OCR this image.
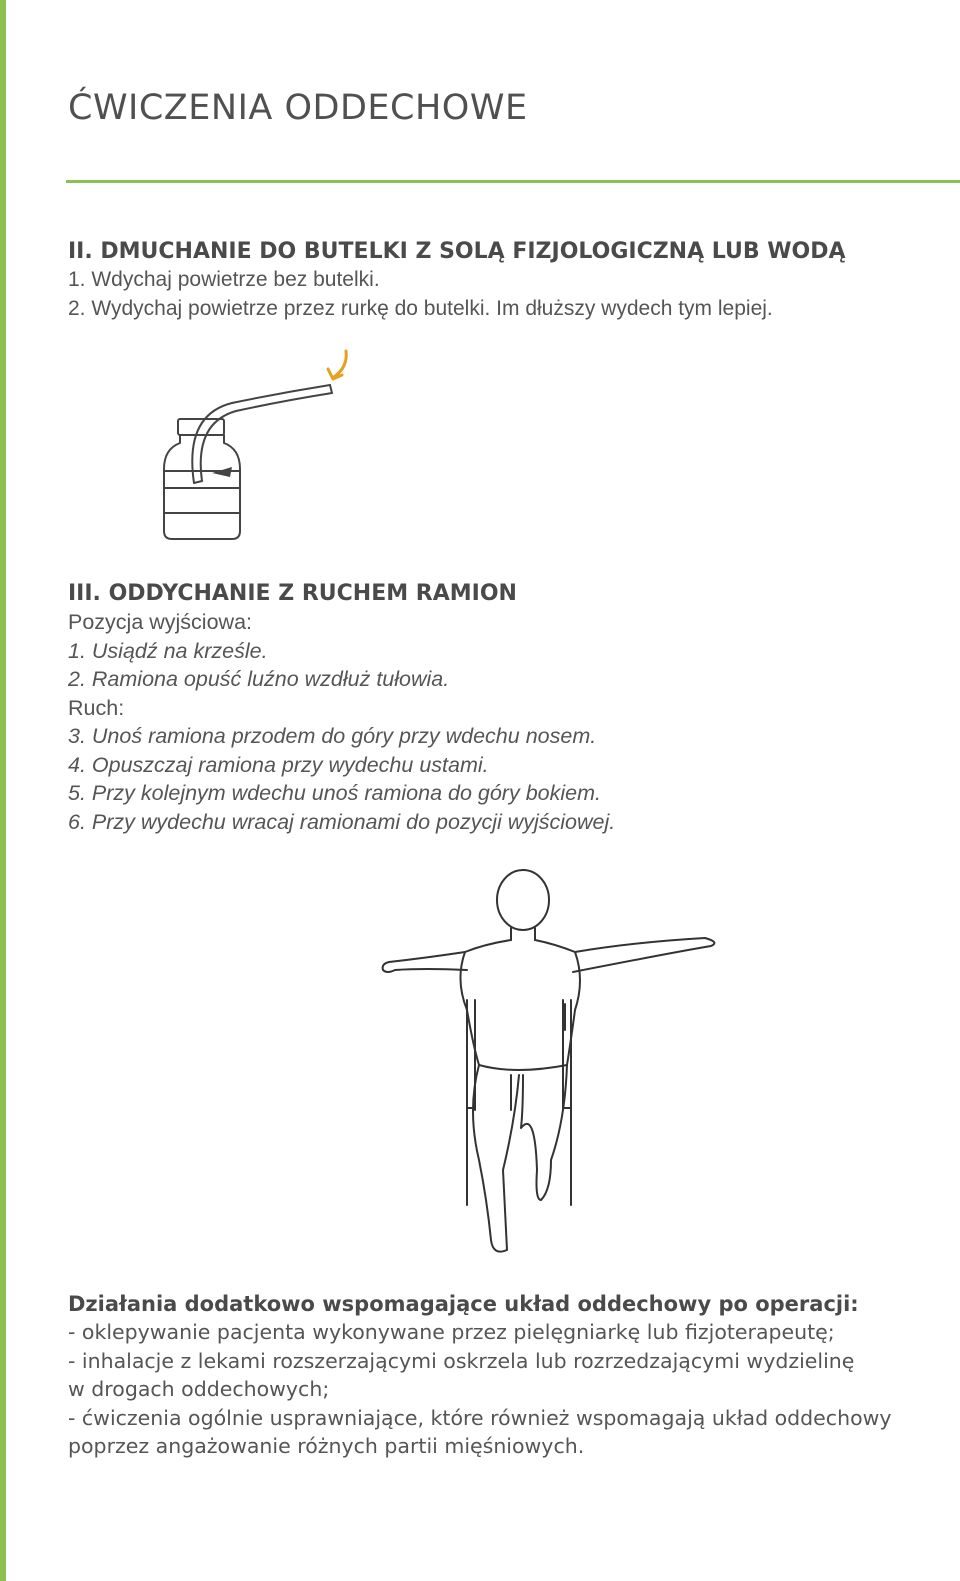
ĆWICZENIA ODDECHOWE
II. DMUCHANIE DO BUTELKI Z SOLĄ FIZJOLOGICZNĄ LUB WODĄ
1. Wdychaj powietrze bez butelki.
2. Wydychaj powietrze przez rurkę do butelki. Im dłuższy wydech tym lepiej.
III. ODDYCHANIE Z RUCHEM RAMION
Pozycja wyjściowa:
1. Usiądź na krześle.
2. Ramiona opuść luźno wzdłuż tułowia.
Ruch:
3. Unoś ramiona przodem do góry przy wdechu nosem.
4. Opuszczaj ramiona przy wydechu ustami.
5. Przy kolejnym wdechu unoś ramiona do góry bokiem.
6. Przy wydechu wracaj ramionami do pozycji wyjściowej.
Działania dodatkowo wspomagające układ oddechowy po operacji:
- oklepywanie pacjenta wykonywane przez pielęgniarkę lub fizjoterapeutę;
- inhalacje z lekami rozszerzającymi oskrzela lub rozrzedzającymi wydzielinę
w drogach oddechowych;
- ćwiczenia ogólnie usprawniające, które również wspomagają układ oddechowy
poprzez angażowanie różnych partii mięśniowych.
